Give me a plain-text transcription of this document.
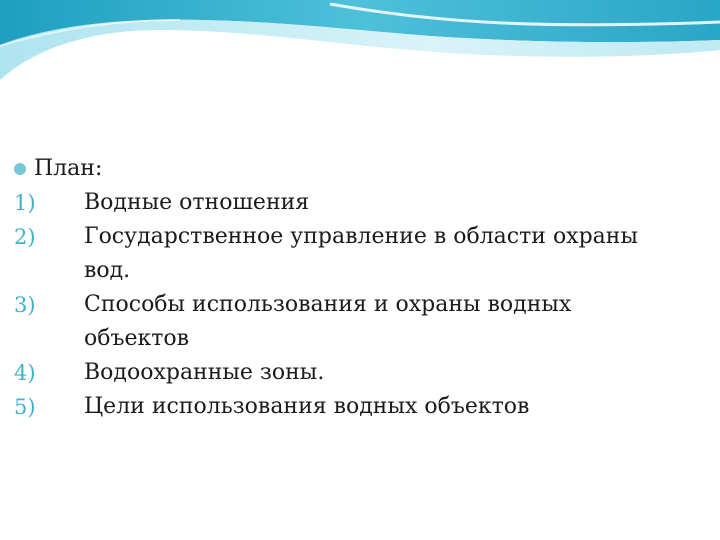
План:
1) Водные отношения
2) Государственное управление в области охраны вод.
3) Способы использования и охраны водных объектов
4) Водоохранные зоны.
5) Цели использования водных объектов
